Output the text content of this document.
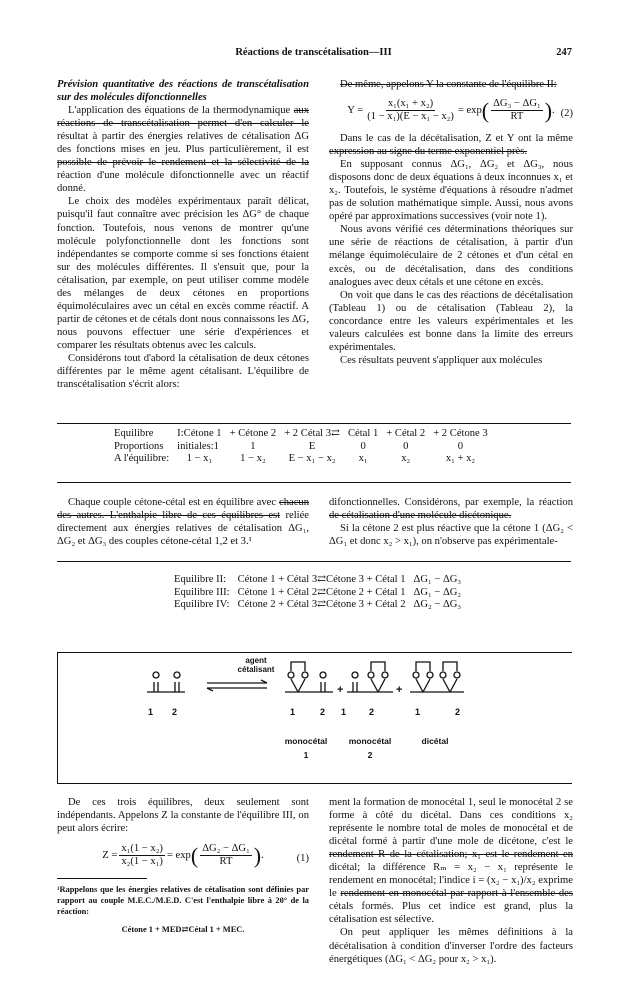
Réactions de transcétalisation—III	247

Prévision quantitative des réactions de transcétalisation sur des molécules difonctionnelles

L'application des équations de la thermodynamique aux réactions de transcétalisation permet d'en calculer le résultat à partir des énergies relatives de cétalisation ΔG des fonctions mises en jeu. Plus particulièrement, il est possible de prévoir le rendement et la sélectivité de la réaction d'une molécule difonctionnelle avec un réactif donné.

Le choix des modèles expérimentaux paraît délicat, puisqu'il faut connaître avec précision les ΔG° de chaque fonction. Toutefois, nous venons de montrer qu'une molécule polyfonctionnelle dont les fonctions sont indépendantes se comporte comme si ses fonctions étaient sur des molécules différentes. Il s'ensuit que, pour la cétalisation, par exemple, on peut utiliser comme modèle des mélanges de deux cétones en proportions équimoléculaires avec un cétal en excès comme réactif. A partir de cétones et de cétals dont nous connaissons les ΔG, nous pouvons effectuer une série d'expériences et comparer les résultats obtenus avec les calculs.

Considérons tout d'abord la cétalisation de deux cétones différentes par le même agent cétalisant. L'équilibre de transcétalisation s'écrit alors:

De même, appelons Y la constante de l'équilibre II:

$Y = \frac{\text{x₁(x₁ + x₂)}}{\text{(1 − x₁)(E − x₁ − x₂)}} = \exp$ ( $\frac{\text{ΔG₃ − ΔG₁}}{RT}$ ) . (2)

Dans le cas de la décétalisation, Z et Y ont la même expression au signe du terme exponentiel près.

En supposant connus ΔG₁, ΔG₂ et ΔG₃, nous disposons donc de deux équations à deux inconnues x₁ et x₂. Toutefois, le système d'équations à résoudre n'admet pas de solution mathématique simple. Aussi, nous avons opéré par approximations successives (voir note 1).

Nous avons vérifié ces déterminations théoriques sur une série de réactions de cétalisation, à partir d'un mélange équimoléculaire de 2 cétones et d'un cétal en excès, ou de décétalisation, dans des conditions analogues avec deux cétals et une cétone en excès.

On voit que dans le cas des réactions de décétalisation (Tableau 1) ou de cétalisation (Tableau 2), la concordance entre les valeurs expérimentales et les valeurs calculées est bonne dans la limite des erreurs expérimentales.

Ces résultats peuvent s'appliquer aux molécules

Equilibre	I:Cétone 1	+ Cétone 2	+ 2 Cétal 3⇄	Cétal 1	+ Cétal 2	+ 2 Cétone 3
Proportions	initiales:1	1	E	0	0	0
A l'équilibre:	1 − x₁	1 − x₂	E − x₁ − x₂	x₁	x₂	x₁ + x₂

Chaque couple cétone-cétal est en équilibre avec chacun des autres. L'enthalpie libre de ces équilibres est reliée directement aux énergies relatives de cétalisation ΔG₁, ΔG₂ et ΔG₃ des couples cétone-cétal 1,2 et 3.¹

difonctionnelles. Considérons, par exemple, la réaction de cétalisation d'une molécule dicétonique.

Si la cétone 2 est plus réactive que la cétone 1 (ΔG₂ < ΔG₁ et donc x₂ > x₁), on n'observe pas expérimentale-

Equilibre II:	Cétone 1 + Cétal 3⇄Cétone 3 + Cétal 1	ΔG₁ − ΔG₃
Equilibre III:	Cétone 1 + Cétal 2⇄Cétone 2 + Cétal 1	ΔG₁ − ΔG₂
Equilibre IV:	Cétone 2 + Cétal 3⇄Cétone 3 + Cétal 2	ΔG₂ − ΔG₃
agent
cétalisant
1 2	1	2 1	2	1	2
+	+
monocétal
1
monocétal
2
dicétal

De ces trois équilibres, deux seulement sont indépendants. Appelons Z la constante de l'équilibre III, on peut alors écrire:

$Z = \frac{\text{x₁(1 − x₂)}}{\text{x₂(1 − x₁)}} = \exp$ ( $\frac{\text{ΔG₂ − ΔG₁}}{RT}$ ) .	(1)

¹Rappelons que les énergies relatives de cétalisation sont définies par rapport au couple M.E.C./M.E.D. C'est l'enthalpie libre à 20° de la réaction:

Cétone 1 + MED⇄Cétal 1 + MEC.

ment la formation de monocétal 1, seul le monocétal 2 se forme à côté du dicétal. Dans ces conditions x₂ représente le nombre total de moles de monocétal et de dicétal formé à partir d'une mole de dicétone, c'est le rendement R de la cétalisation; x₁ est le rendement en dicétal; la différence Rₘ = x₂ − x₁ représente le rendement en monocétal; l'indice i = (x₂ − x₁)/x₂ exprime le rendement en monocétal par rapport à l'ensemble des cétals formés. Plus cet indice est grand, plus la cétalisation est sélective.

On peut appliquer les mêmes définitions à la décétalisation à condition d'inverser l'ordre des facteurs énergétiques (ΔG₁ < ΔG₂ pour x₂ > x₁).
